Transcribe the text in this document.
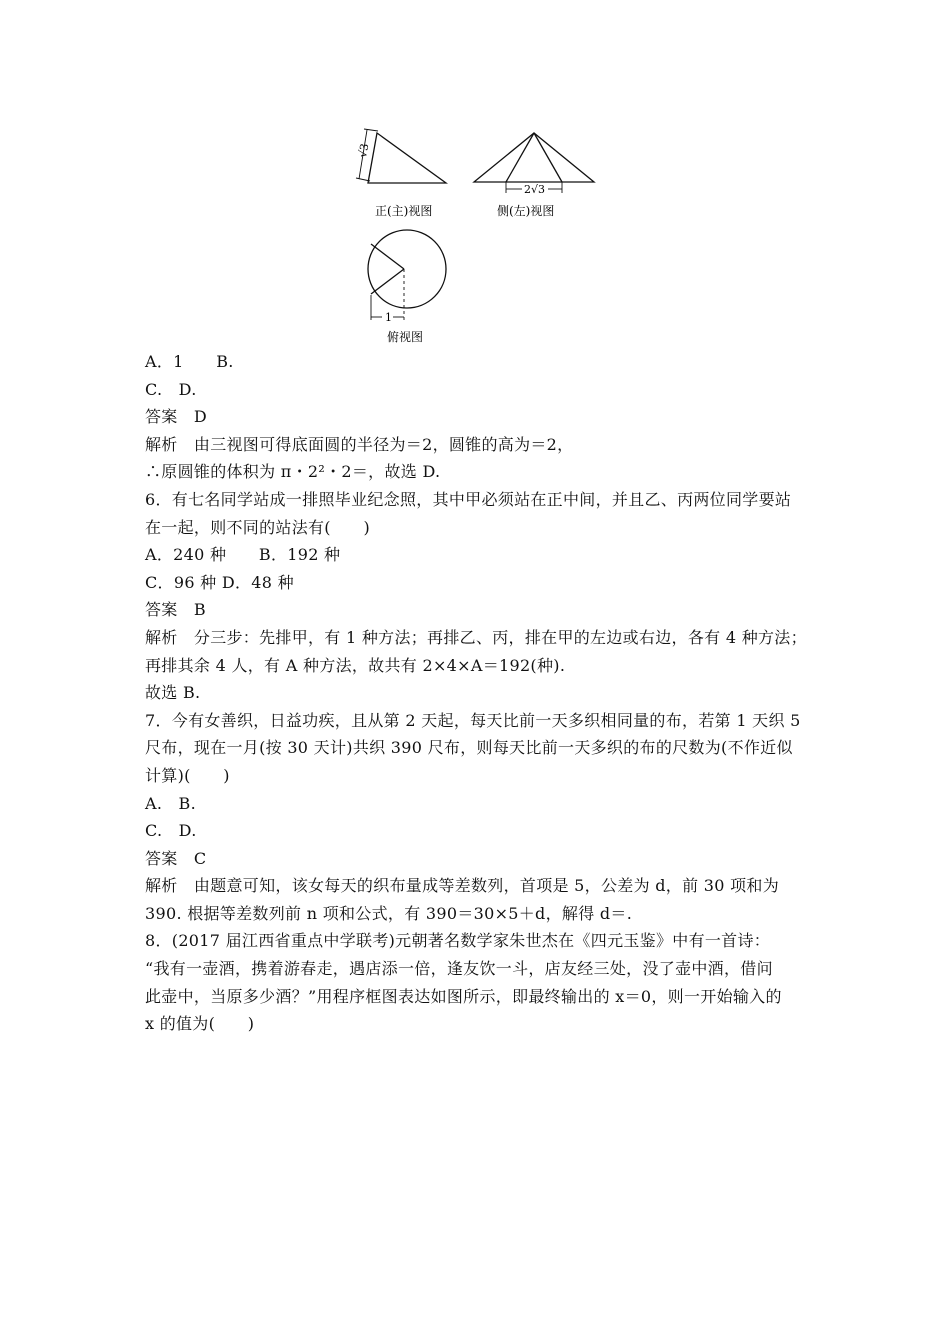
√3
正(主)视图
2√3
侧(左)视图
1
俯视图
A．1　　B.
C.　D.
答案　D
解析　由三视图可得底面圆的半径为＝2，圆锥的高为＝2，
∴原圆锥的体积为 π・2²・2＝，故选 D.
6．有七名同学站成一排照毕业纪念照，其中甲必须站在正中间，并且乙、丙两位同学要站
在一起，则不同的站法有(　　)
A．240 种　　B．192 种
C．96 种 D．48 种
答案　B
解析　分三步：先排甲，有 1 种方法；再排乙、丙，排在甲的左边或右边，各有 4 种方法；
再排其余 4 人，有 A 种方法，故共有 2×4×A＝192(种).
故选 B.
7．今有女善织，日益功疾，且从第 2 天起，每天比前一天多织相同量的布，若第 1 天织 5
尺布，现在一月(按 30 天计)共织 390 尺布，则每天比前一天多织的布的尺数为(不作近似
计算)(　　)
A.　B.
C.　D.
答案　C
解析　由题意可知，该女每天的织布量成等差数列，首项是 5，公差为 d，前 30 项和为
390. 根据等差数列前 n 项和公式，有 390＝30×5＋d，解得 d＝.
8．(2017 届江西省重点中学联考)元朝著名数学家朱世杰在《四元玉鉴》中有一首诗：
“我有一壶酒，携着游春走，遇店添一倍，逢友饮一斗，店友经三处，没了壶中酒，借问
此壶中，当原多少酒？”用程序框图表达如图所示，即最终输出的 x＝0，则一开始输入的
x 的值为(　　)
